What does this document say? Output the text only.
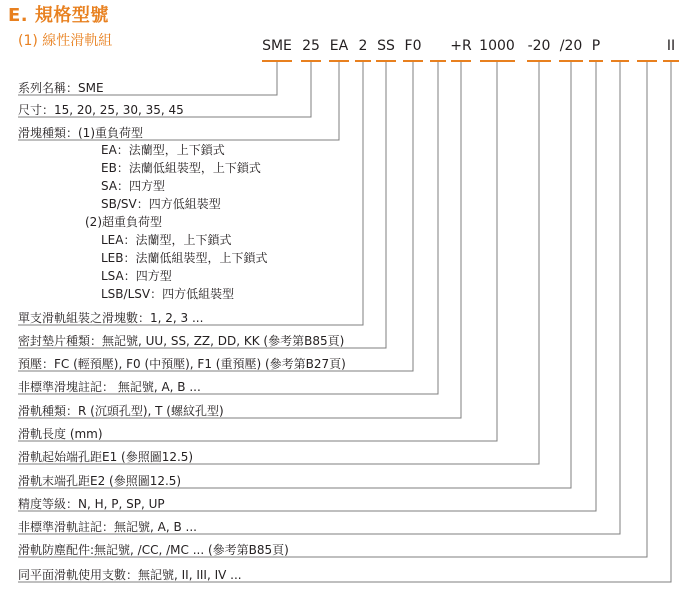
E. 規格型號
(1) 線性滑軌組	SME 25 EA 2 SS F0 +R 1000 -20 /20 P	II
系列名稱：SME
尺寸：15, 20, 25, 30, 35, 45
滑塊種類：(1)重負荷型
EA：法蘭型，上下鎖式
EB：法蘭低組裝型，上下鎖式
SA：四方型
SB/SV：四方低組裝型
(2)超重負荷型
LEA：法蘭型，上下鎖式
LEB：法蘭低組裝型，上下鎖式
LSA：四方型
LSB/LSV：四方低組裝型
單支滑軌組裝之滑塊數：1, 2, 3 ...
密封墊片種類：無記號, UU, SS, ZZ, DD, KK (參考第B85頁)
預壓：FC (輕預壓), F0 (中預壓), F1 (重預壓) (參考第B27頁)
非標準滑塊註記： 無記號, A, B ...
滑軌種類：R (沉頭孔型), T (螺紋孔型)
滑軌長度 (mm)
滑軌起始端孔距E1 (參照圖12.5)
滑軌末端孔距E2 (參照圖12.5)
精度等級：N, H, P, SP, UP
非標準滑軌註記：無記號, A, B ...
滑軌防塵配件:無記號, /CC, /MC ... (參考第B85頁)
同平面滑軌使用支數：無記號, II, III, IV ...
